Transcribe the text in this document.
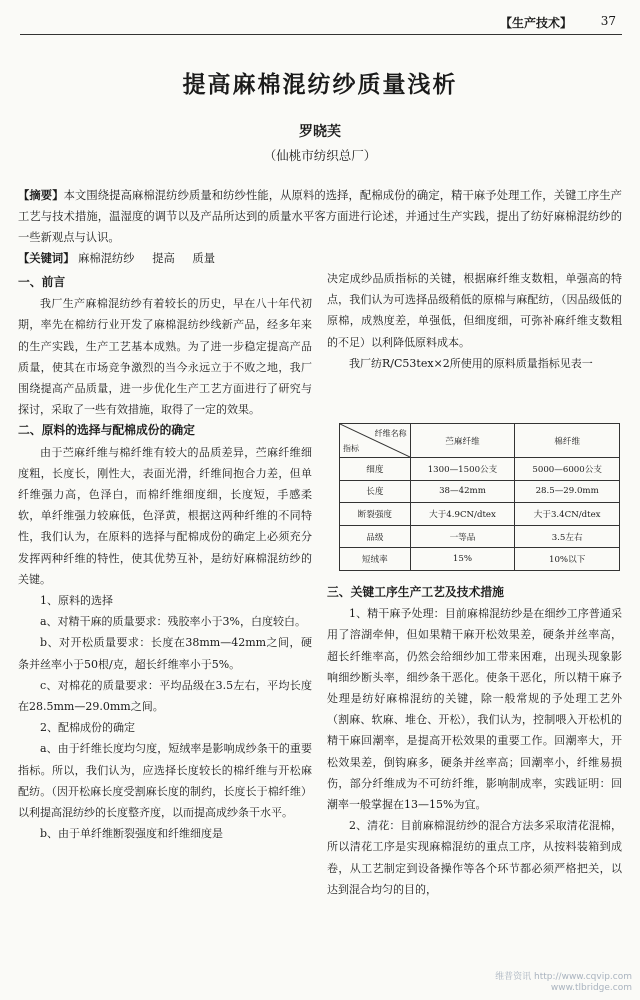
【生产技术】 37
提高麻棉混纺纱质量浅析
罗晓芙
（仙桃市纺织总厂）
【摘要】本文围绕提高麻棉混纺纱质量和纺纱性能，从原料的选择，配棉成份的确定，精干麻予处理工作，关键工序生产工艺与技术措施，温湿度的调节以及产品所达到的质量水平客方面进行论述，并通过生产实践，提出了纺好麻棉混纺纱的一些新观点与认识。
【关键词】 麻棉混纺纱 提高 质量

一、前言

我厂生产麻棉混纺纱有着较长的历史，早在八十年代初期，率先在棉纺行业开发了麻棉混纺纱线新产品，经多年来的生产实践，生产工艺基本成熟。为了进一步稳定提高产品质量，使其在市场竞争激烈的当今永远立于不败之地，我厂围绕提高产品质量，进一步优化生产工艺方面进行了研究与探讨，采取了一些有效措施，取得了一定的效果。

二、原料的选择与配棉成份的确定

由于苎麻纤维与棉纤维有较大的品质差异，苎麻纤维细度粗，长度长，刚性大，表面光滑，纤维间抱合力差，但单纤维强力高，色泽白，而棉纤维细度细，长度短，手感柔软，单纤维强力较麻低，色泽黄，根据这两种纤维的不同特性，我们认为，在原料的选择与配棉成份的确定上必须充分发挥两种纤维的特性，使其优势互补，是纺好麻棉混纺纱的关键。

1、原料的选择

a、对精干麻的质量要求：残胶率小于3%，白度较白。

b、对开松质量要求：长度在38mm—42mm之间，硬条并丝率小于50根/克，超长纤维率小于5%。

c、对棉花的质量要求：平均品级在3.5左右，平均长度在28.5mm—29.0mm之间。

2、配棉成份的确定

a、由于纤维长度均匀度，短绒率是影响成纱条干的重要指标。所以，我们认为，应选择长度较长的棉纤维与开松麻配纺。（因开松麻长度受割麻长度的制约，长度长于棉纤维）以利提高混纺纱的长度整齐度，以而提高成纱条干水平。

b、由于单纤维断裂强度和纤维细度是

决定成纱品质指标的关键，根据麻纤维支数粗，单强高的特点，我们认为可选择品级稍低的原棉与麻配纺，（因品级低的原棉，成熟度差，单强低，但细度细，可弥补麻纤维支数粗的不足）以利降低原料成本。

我厂纺R/C53tex×2所使用的原料质量指标见表一

纤维名称
指标	苎麻纤维	棉纤维
细度	1300—1500公支	5000—6000公支
长度	38—42mm	28.5—29.0mm
断裂强度	大于4.9CN/dtex	大于3.4CN/dtex
品级	一等品	3.5左右
短绒率	15%	10%以下

三、关键工序生产工艺及技术措施

1、精干麻予处理：目前麻棉混纺纱是在细纱工序普通采用了溶湖牵伸，但如果精干麻开松效果差，硬条并丝率高，超长纤维率高，仍然会给细纱加工带来困难，出现头现象影响细纱断头率，细纱条干恶化。使条干恶化，所以精干麻予处理是纺好麻棉混纺的关键，除一般常规的予处理工艺外（割麻、软麻、堆仓、开松），我们认为，控制喂入开松机的精干麻回潮率，是提高开松效果的重要工作。回潮率大，开松效果差，倒钩麻多，硬条并丝率高；回潮率小，纤维易损伤，部分纤维成为不可纺纤维，影响制成率，实践证明：回潮率一般掌握在13—15%为宜。

2、清花：目前麻棉混纺纱的混合方法多采取清花混棉，所以清花工序是实现麻棉混纺的重点工序，从按料装箱到成卷，从工艺制定到设备操作等各个环节都必须严格把关，以达到混合均匀的目的，

维普资讯 http://www.cqvip.com
www.tlbridge.com
